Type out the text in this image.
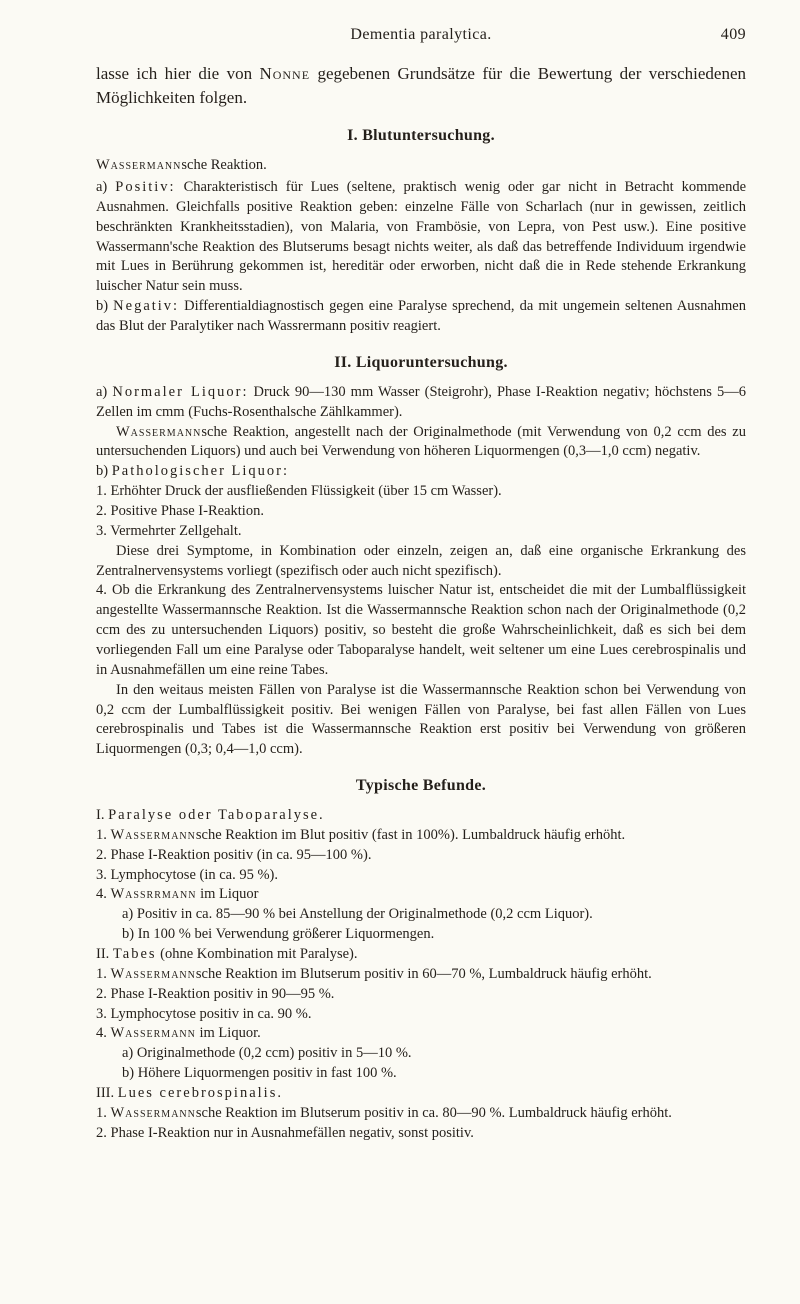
Dementia paralytica.	409

lasse ich hier die von Nonne gegebenen Grundsätze für die Bewertung der verschiedenen Möglichkeiten folgen.

I. Blutuntersuchung.

Wassermannsche Reaktion.

a) Positiv: Charakteristisch für Lues (seltene, praktisch wenig oder gar nicht in Betracht kommende Ausnahmen. Gleichfalls positive Reaktion geben: einzelne Fälle von Scharlach (nur in gewissen, zeitlich beschränkten Krankheitsstadien), von Malaria, von Frambösie, von Lepra, von Pest usw.). Eine positive Wassermann'sche Reaktion des Blutserums besagt nichts weiter, als daß das betreffende Individuum irgendwie mit Lues in Berührung gekommen ist, hereditär oder erworben, nicht daß die in Rede stehende Erkrankung luischer Natur sein muss.

b) Negativ: Differentialdiagnostisch gegen eine Paralyse sprechend, da mit ungemein seltenen Ausnahmen das Blut der Paralytiker nach Wassrermann positiv reagiert.

II. Liquoruntersuchung.

a) Normaler Liquor: Druck 90—130 mm Wasser (Steigrohr), Phase I-Reaktion negativ; höchstens 5—6 Zellen im cmm (Fuchs-Rosenthalsche Zählkammer).

Wassermannsche Reaktion, angestellt nach der Originalmethode (mit Verwendung von 0,2 ccm des zu untersuchenden Liquors) und auch bei Verwendung von höheren Liquormengen (0,3—1,0 ccm) negativ.

b) Pathologischer Liquor:

1. Erhöhter Druck der ausfließenden Flüssigkeit (über 15 cm Wasser).

2. Positive Phase I-Reaktion.

3. Vermehrter Zellgehalt.

Diese drei Symptome, in Kombination oder einzeln, zeigen an, daß eine organische Erkrankung des Zentralnervensystems vorliegt (spezifisch oder auch nicht spezifisch).

4. Ob die Erkrankung des Zentralnervensystems luischer Natur ist, entscheidet die mit der Lumbalflüssigkeit angestellte Wassermannsche Reaktion. Ist die Wassermannsche Reaktion schon nach der Originalmethode (0,2 ccm des zu untersuchenden Liquors) positiv, so besteht die große Wahrscheinlichkeit, daß es sich bei dem vorliegenden Fall um eine Paralyse oder Taboparalyse handelt, weit seltener um eine Lues cerebrospinalis und in Ausnahmefällen um eine reine Tabes.

In den weitaus meisten Fällen von Paralyse ist die Wassermannsche Reaktion schon bei Verwendung von 0,2 ccm der Lumbalflüssigkeit positiv. Bei wenigen Fällen von Paralyse, bei fast allen Fällen von Lues cerebrospinalis und Tabes ist die Wassermannsche Reaktion erst positiv bei Verwendung von größeren Liquormengen (0,3; 0,4—1,0 ccm).

Typische Befunde.

I. Paralyse oder Taboparalyse.

1. Wassermannsche Reaktion im Blut positiv (fast in 100%). Lumbaldruck häufig erhöht.

2. Phase I-Reaktion positiv (in ca. 95—100 %).

3. Lymphocytose (in ca. 95 %).

4. Wassrrmann im Liquor

a) Positiv in ca. 85—90 % bei Anstellung der Originalmethode (0,2 ccm Liquor).

b) In 100 % bei Verwendung größerer Liquormengen.

II. Tabes (ohne Kombination mit Paralyse).

1. Wassermannsche Reaktion im Blutserum positiv in 60—70 %, Lumbaldruck häufig erhöht.

2. Phase I-Reaktion positiv in 90—95 %.

3. Lymphocytose positiv in ca. 90 %.

4. Wassermann im Liquor.

a) Originalmethode (0,2 ccm) positiv in 5—10 %.

b) Höhere Liquormengen positiv in fast 100 %.

III. Lues cerebrospinalis.

1. Wassermannsche Reaktion im Blutserum positiv in ca. 80—90 %. Lumbaldruck häufig erhöht.

2. Phase I-Reaktion nur in Ausnahmefällen negativ, sonst positiv.
